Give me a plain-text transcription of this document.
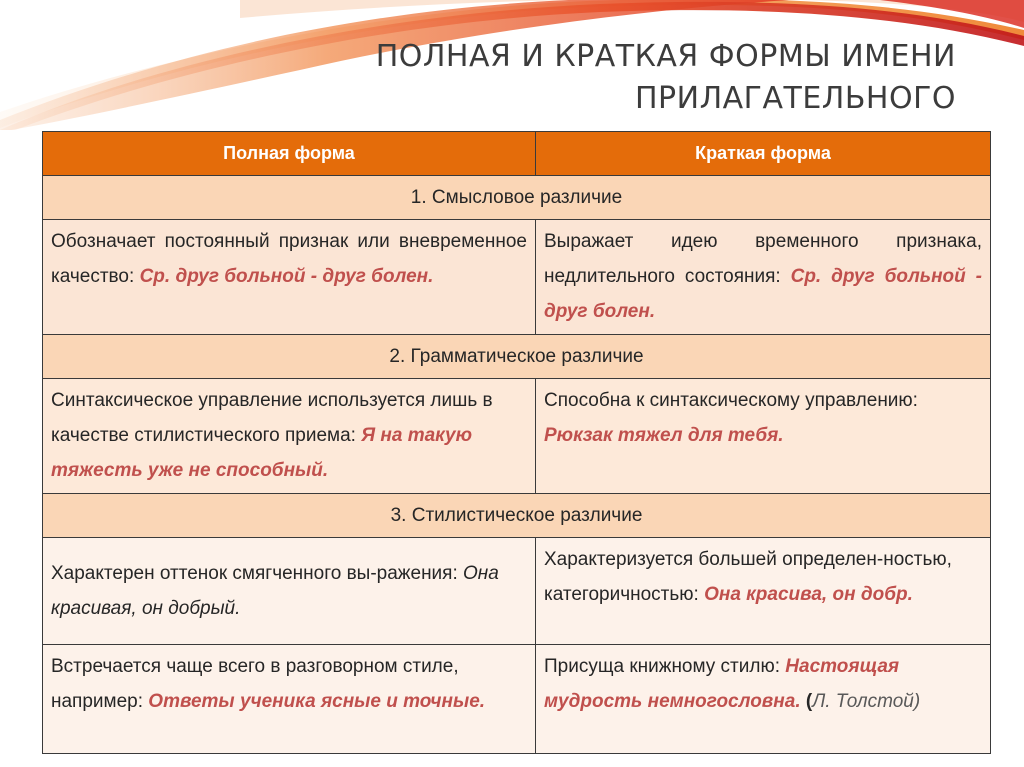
ПОЛНАЯ И КРАТКАЯ ФОРМЫ ИМЕНИ
ПРИЛАГАТЕЛЬНОГО
Полная форма	Краткая форма
1. Смысловое различие	
Обозначает постоянный признак или вневременное качество: Ср. друг больной - друг болен.	Выражает идею временного признака, недлительного состояния: Ср. друг больной - друг болен.
2. Грамматическое различие	
Синтаксическое управление используется лишь в качестве стилистического приема: Я на такую тяжесть уже не способный.	Способна к синтаксическому управлению: Рюкзак тяжел для тебя.
3. Стилистическое различие	
Характерен оттенок смягченного вы-ражения: Она красивая, он добрый.	Характеризуется большей определен-ностью, категоричностью: Она красива, он добр.
Встречается чаще всего в разговорном стиле, например: Ответы ученика ясные и точные.	Присуща книжному стилю: Настоящая мудрость немногословна. (Л. Толстой)
